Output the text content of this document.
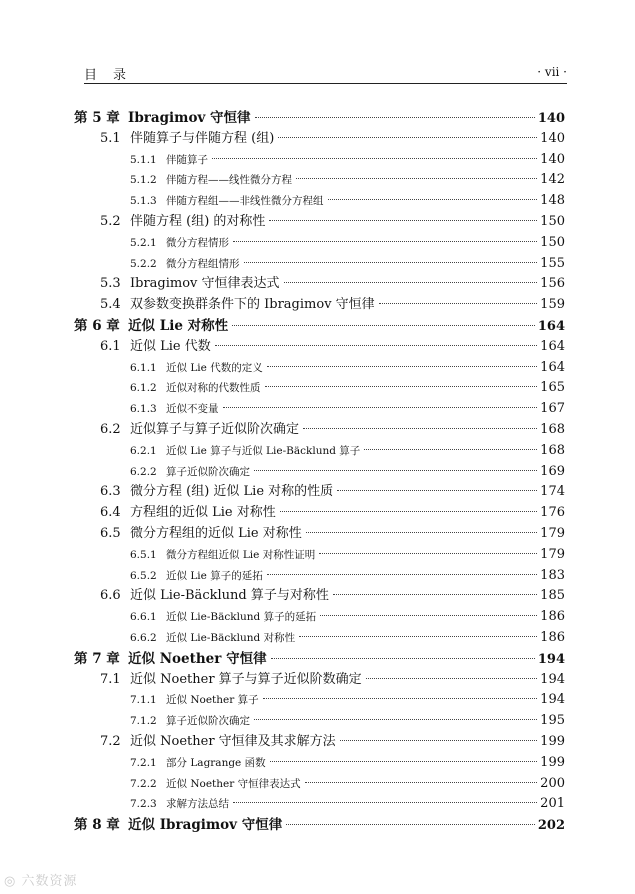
目录	· vii ·
第 5 章 Ibragimov 守恒律	140
5.1 伴随算子与伴随方程 (组)	140
5.1.1 伴随算子	140
5.1.2 伴随方程——线性微分方程	142
5.1.3 伴随方程组——非线性微分方程组	148
5.2 伴随方程 (组) 的对称性	150
5.2.1 微分方程情形	150
5.2.2 微分方程组情形	155
5.3 Ibragimov 守恒律表达式	156
5.4 双参数变换群条件下的 Ibragimov 守恒律	159
第 6 章 近似 Lie 对称性	164
6.1 近似 Lie 代数	164
6.1.1 近似 Lie 代数的定义	164
6.1.2 近似对称的代数性质	165
6.1.3 近似不变量	167
6.2 近似算子与算子近似阶次确定	168
6.2.1 近似 Lie 算子与近似 Lie-Bäcklund 算子	168
6.2.2 算子近似阶次确定	169
6.3 微分方程 (组) 近似 Lie 对称的性质	174
6.4 方程组的近似 Lie 对称性	176
6.5 微分方程组的近似 Lie 对称性	179
6.5.1 微分方程组近似 Lie 对称性证明	179
6.5.2 近似 Lie 算子的延拓	183
6.6 近似 Lie-Bäcklund 算子与对称性	185
6.6.1 近似 Lie-Bäcklund 算子的延拓	186
6.6.2 近似 Lie-Bäcklund 对称性	186
第 7 章 近似 Noether 守恒律	194
7.1 近似 Noether 算子与算子近似阶数确定	194
7.1.1 近似 Noether 算子	194
7.1.2 算子近似阶次确定	195
7.2 近似 Noether 守恒律及其求解方法	199
7.2.1 部分 Lagrange 函数	199
7.2.2 近似 Noether 守恒律表达式	200
7.2.3 求解方法总结	201
第 8 章 近似 Ibragimov 守恒律	202
◎ 六数资源
